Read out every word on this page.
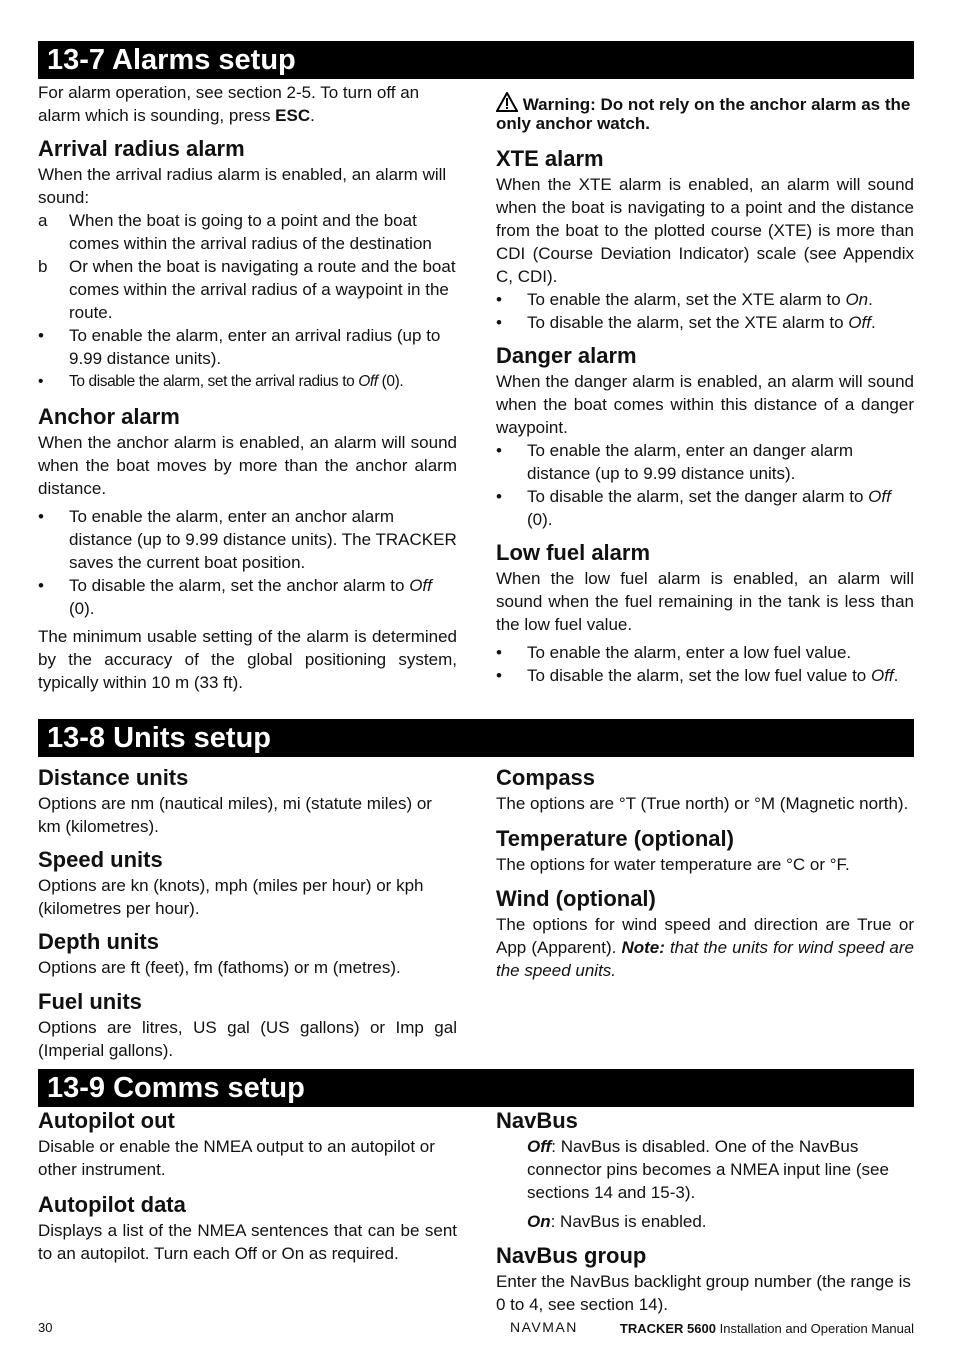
13-7 Alarms setup

For alarm operation, see section 2-5. To turn off an alarm which is sounding, press ESC.

Arrival radius alarm

When the arrival radius alarm is enabled, an alarm will sound:

a When the boat is going to a point and the boat comes within the arrival radius of the destination
b Or when the boat is navigating a route and the boat comes within the arrival radius of a waypoint in the route.
• To enable the alarm, enter an arrival radius (up to 9.99 distance units).
• To disable the alarm, set the arrival radius to Off (0).
Anchor alarm

When the anchor alarm is enabled, an alarm will sound when the boat moves by more than the anchor alarm distance.

• To enable the alarm, enter an anchor alarm distance (up to 9.99 distance units). The TRACKER saves the current boat position.
• To disable the alarm, set the anchor alarm to Off (0).

The minimum usable setting of the alarm is determined by the accuracy of the global positioning system, typically within 10 m (33 ft).

Warning: Do not rely on the anchor alarm as the only anchor watch.

XTE alarm

When the XTE alarm is enabled, an alarm will sound when the boat is navigating to a point and the distance from the boat to the plotted course (XTE) is more than CDI (Course Deviation Indicator) scale (see Appendix C, CDI).

• To enable the alarm, set the XTE alarm to On.
• To disable the alarm, set the XTE alarm to Off.
Danger alarm

When the danger alarm is enabled, an alarm will sound when the boat comes within this distance of a danger waypoint.

• To enable the alarm, enter an danger alarm distance (up to 9.99 distance units).
• To disable the alarm, set the danger alarm to Off (0).
Low fuel alarm

When the low fuel alarm is enabled, an alarm will sound when the fuel remaining in the tank is less than the low fuel value.

• To enable the alarm, enter a low fuel value.
• To disable the alarm, set the low fuel value to Off.
13-8 Units setup
Distance units

Options are nm (nautical miles), mi (statute miles) or km (kilometres).

Speed units

Options are kn (knots), mph (miles per hour) or kph (kilometres per hour).

Depth units

Options are ft (feet), fm (fathoms) or m (metres).

Fuel units

Options are litres, US gal (US gallons) or Imp gal (Imperial gallons).

Compass

The options are °T (True north) or °M (Magnetic north).

Temperature (optional)

The options for water temperature are °C or °F.

Wind (optional)

The options for wind speed and direction are True or App (Apparent). Note: that the units for wind speed are the speed units.

13-9 Comms setup
Autopilot out

Disable or enable the NMEA output to an autopilot or other instrument.

Autopilot data

Displays a list of the NMEA sentences that can be sent to an autopilot. Turn each Off or On as required.

NavBus

Off: NavBus is disabled. One of the NavBus connector pins becomes a NMEA input line (see sections 14 and 15-3).

On: NavBus is enabled.

NavBus group

Enter the NavBus backlight group number (the range is 0 to 4, see section 14).

30	NAVMAN	TRACKER 5600 Installation and Operation Manual
